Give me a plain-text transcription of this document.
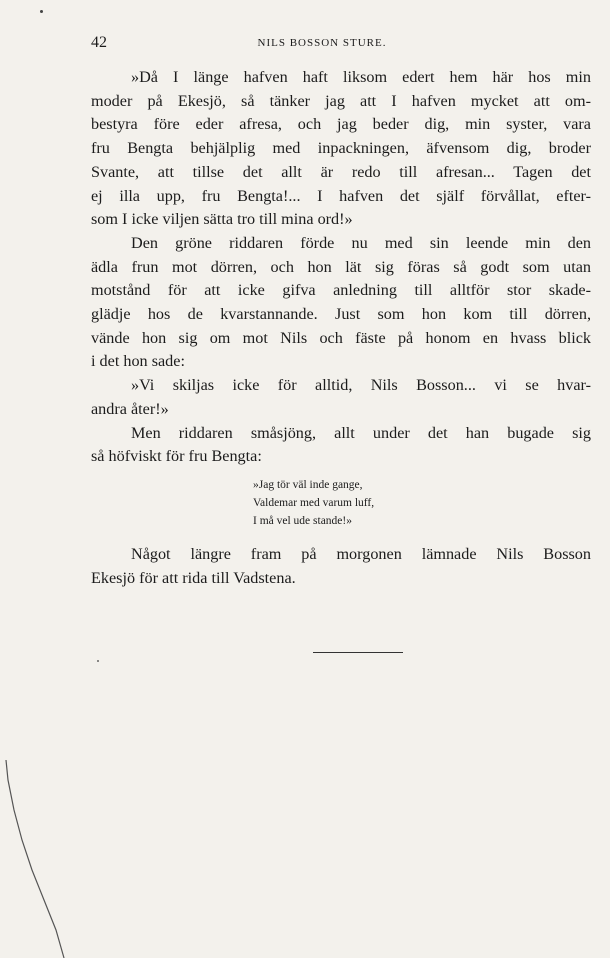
42	NILS BOSSON STURE.
»Då I länge hafven haft liksom edert hem här hos min
moder på Ekesjö, så tänker jag att I hafven mycket att om-
bestyra före eder afresa, och jag beder dig, min syster, vara
fru Bengta behjälplig med inpackningen, äfvensom dig, broder
Svante, att tillse det allt är redo till afresan... Tagen det
ej illa upp, fru Bengta!... I hafven det själf förvållat, efter-
som I icke viljen sätta tro till mina ord!»
Den gröne riddaren förde nu med sin leende min den
ädla frun mot dörren, och hon lät sig föras så godt som utan
motstånd för att icke gifva anledning till alltför stor skade-
glädje hos de kvarstannande. Just som hon kom till dörren,
vände hon sig om mot Nils och fäste på honom en hvass blick
i det hon sade:
»Vi skiljas icke för alltid, Nils Bosson... vi se hvar-
andra åter!»
Men riddaren småsjöng, allt under det han bugade sig
så höfviskt för fru Bengta:
»Jag tör väl inde gange,
Valdemar med varum luff,
I må vel ude stande!»
Något längre fram på morgonen lämnade Nils Bosson
Ekesjö för att rida till Vadstena.
